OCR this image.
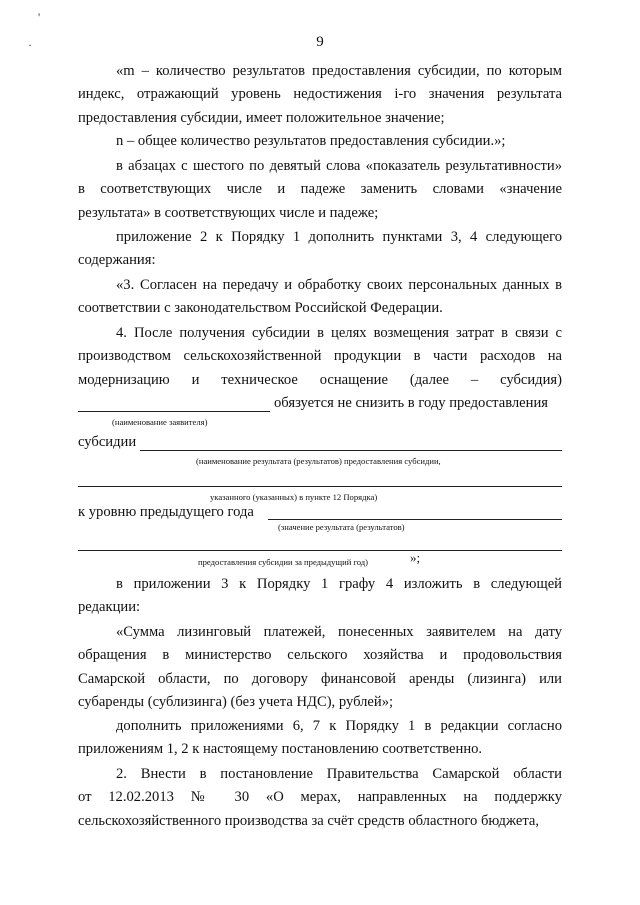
'
·	9
«m – количество результатов предоставления субсидии, по которым
индекс, отражающий уровень недостижения i-го значения результата
предоставления субсидии, имеет положительное значение;
n – общее количество результатов предоставления субсидии.»;
в абзацах с шестого по девятый слова «показатель результативности»
в соответствующих числе и падеже заменить словами «значение
результата» в соответствующих числе и падеже;
приложение 2 к Порядку 1 дополнить пунктами 3, 4 следующего
содержания:
«3. Согласен на передачу и обработку своих персональных данных в
соответствии с законодательством Российской Федерации.
4. После получения субсидии в целях возмещения затрат в связи с
производством сельскохозяйственной продукции в части расходов на
модернизацию и техническое оснащение (далее – субсидия)
обязуется не снизить в году предоставления
(наименование заявителя)
субсидии
(наименование результата (результатов) предоставления субсидии,
указанного (указанных) в пункте 12 Порядка)
к уровню предыдущего года
(значение результата (результатов)
предоставления субсидии за предыдущий год)	»;
в приложении 3 к Порядку 1 графу 4 изложить в следующей
редакции:
«Сумма лизинговый платежей, понесенных заявителем на дату
обращения в министерство сельского хозяйства и продовольствия
Самарской области, по договору финансовой аренды (лизинга) или
субаренды (сублизинга) (без учета НДС), рублей»;
дополнить приложениями 6, 7 к Порядку 1 в редакции согласно
приложениям 1, 2 к настоящему постановлению соответственно.
2. Внести в постановление Правительства Самарской области
от 12.02.2013 № 30 «О мерах, направленных на поддержку
сельскохозяйственного производства за счёт средств областного бюджета,
